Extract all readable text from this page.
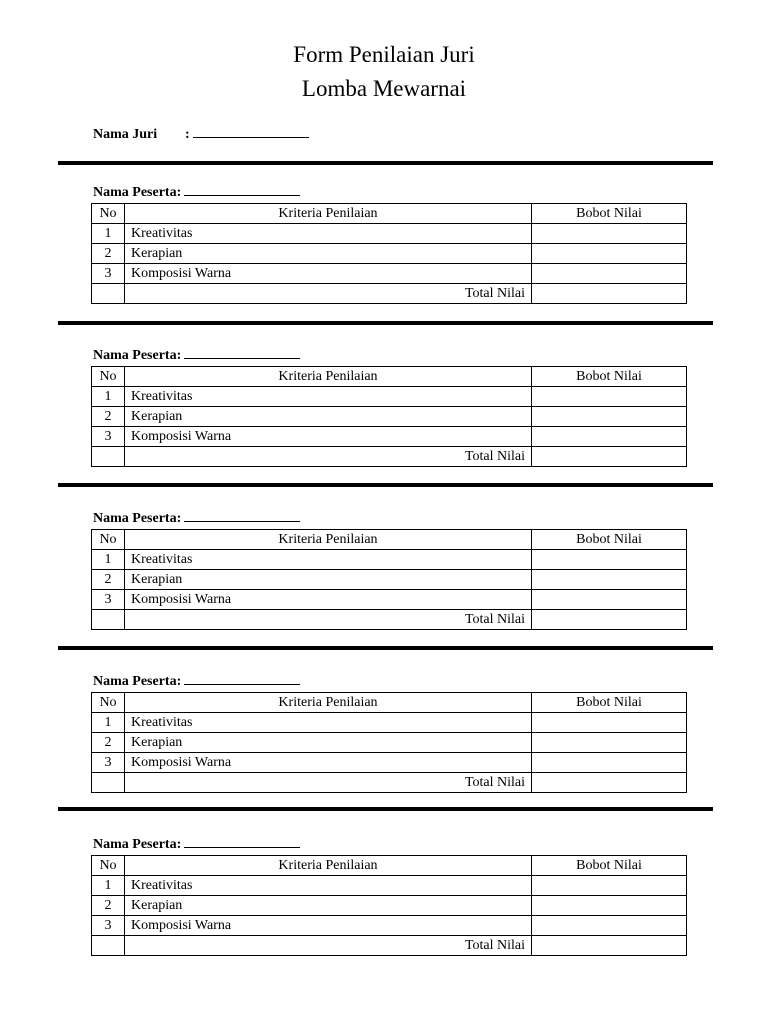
Form Penilaian Juri
Lomba Mewarnai
Nama Juri :
Nama Peserta:
No	Kriteria Penilaian	Bobot Nilai
1	Kreativitas	
2	Kerapian	
3	Komposisi Warna	
	Total Nilai	
Nama Peserta:
No	Kriteria Penilaian	Bobot Nilai
1	Kreativitas	
2	Kerapian	
3	Komposisi Warna	
	Total Nilai	
Nama Peserta:
No	Kriteria Penilaian	Bobot Nilai
1	Kreativitas	
2	Kerapian	
3	Komposisi Warna	
	Total Nilai	
Nama Peserta:
No	Kriteria Penilaian	Bobot Nilai
1	Kreativitas	
2	Kerapian	
3	Komposisi Warna	
	Total Nilai	
Nama Peserta:
No	Kriteria Penilaian	Bobot Nilai
1	Kreativitas	
2	Kerapian	
3	Komposisi Warna	
	Total Nilai	
